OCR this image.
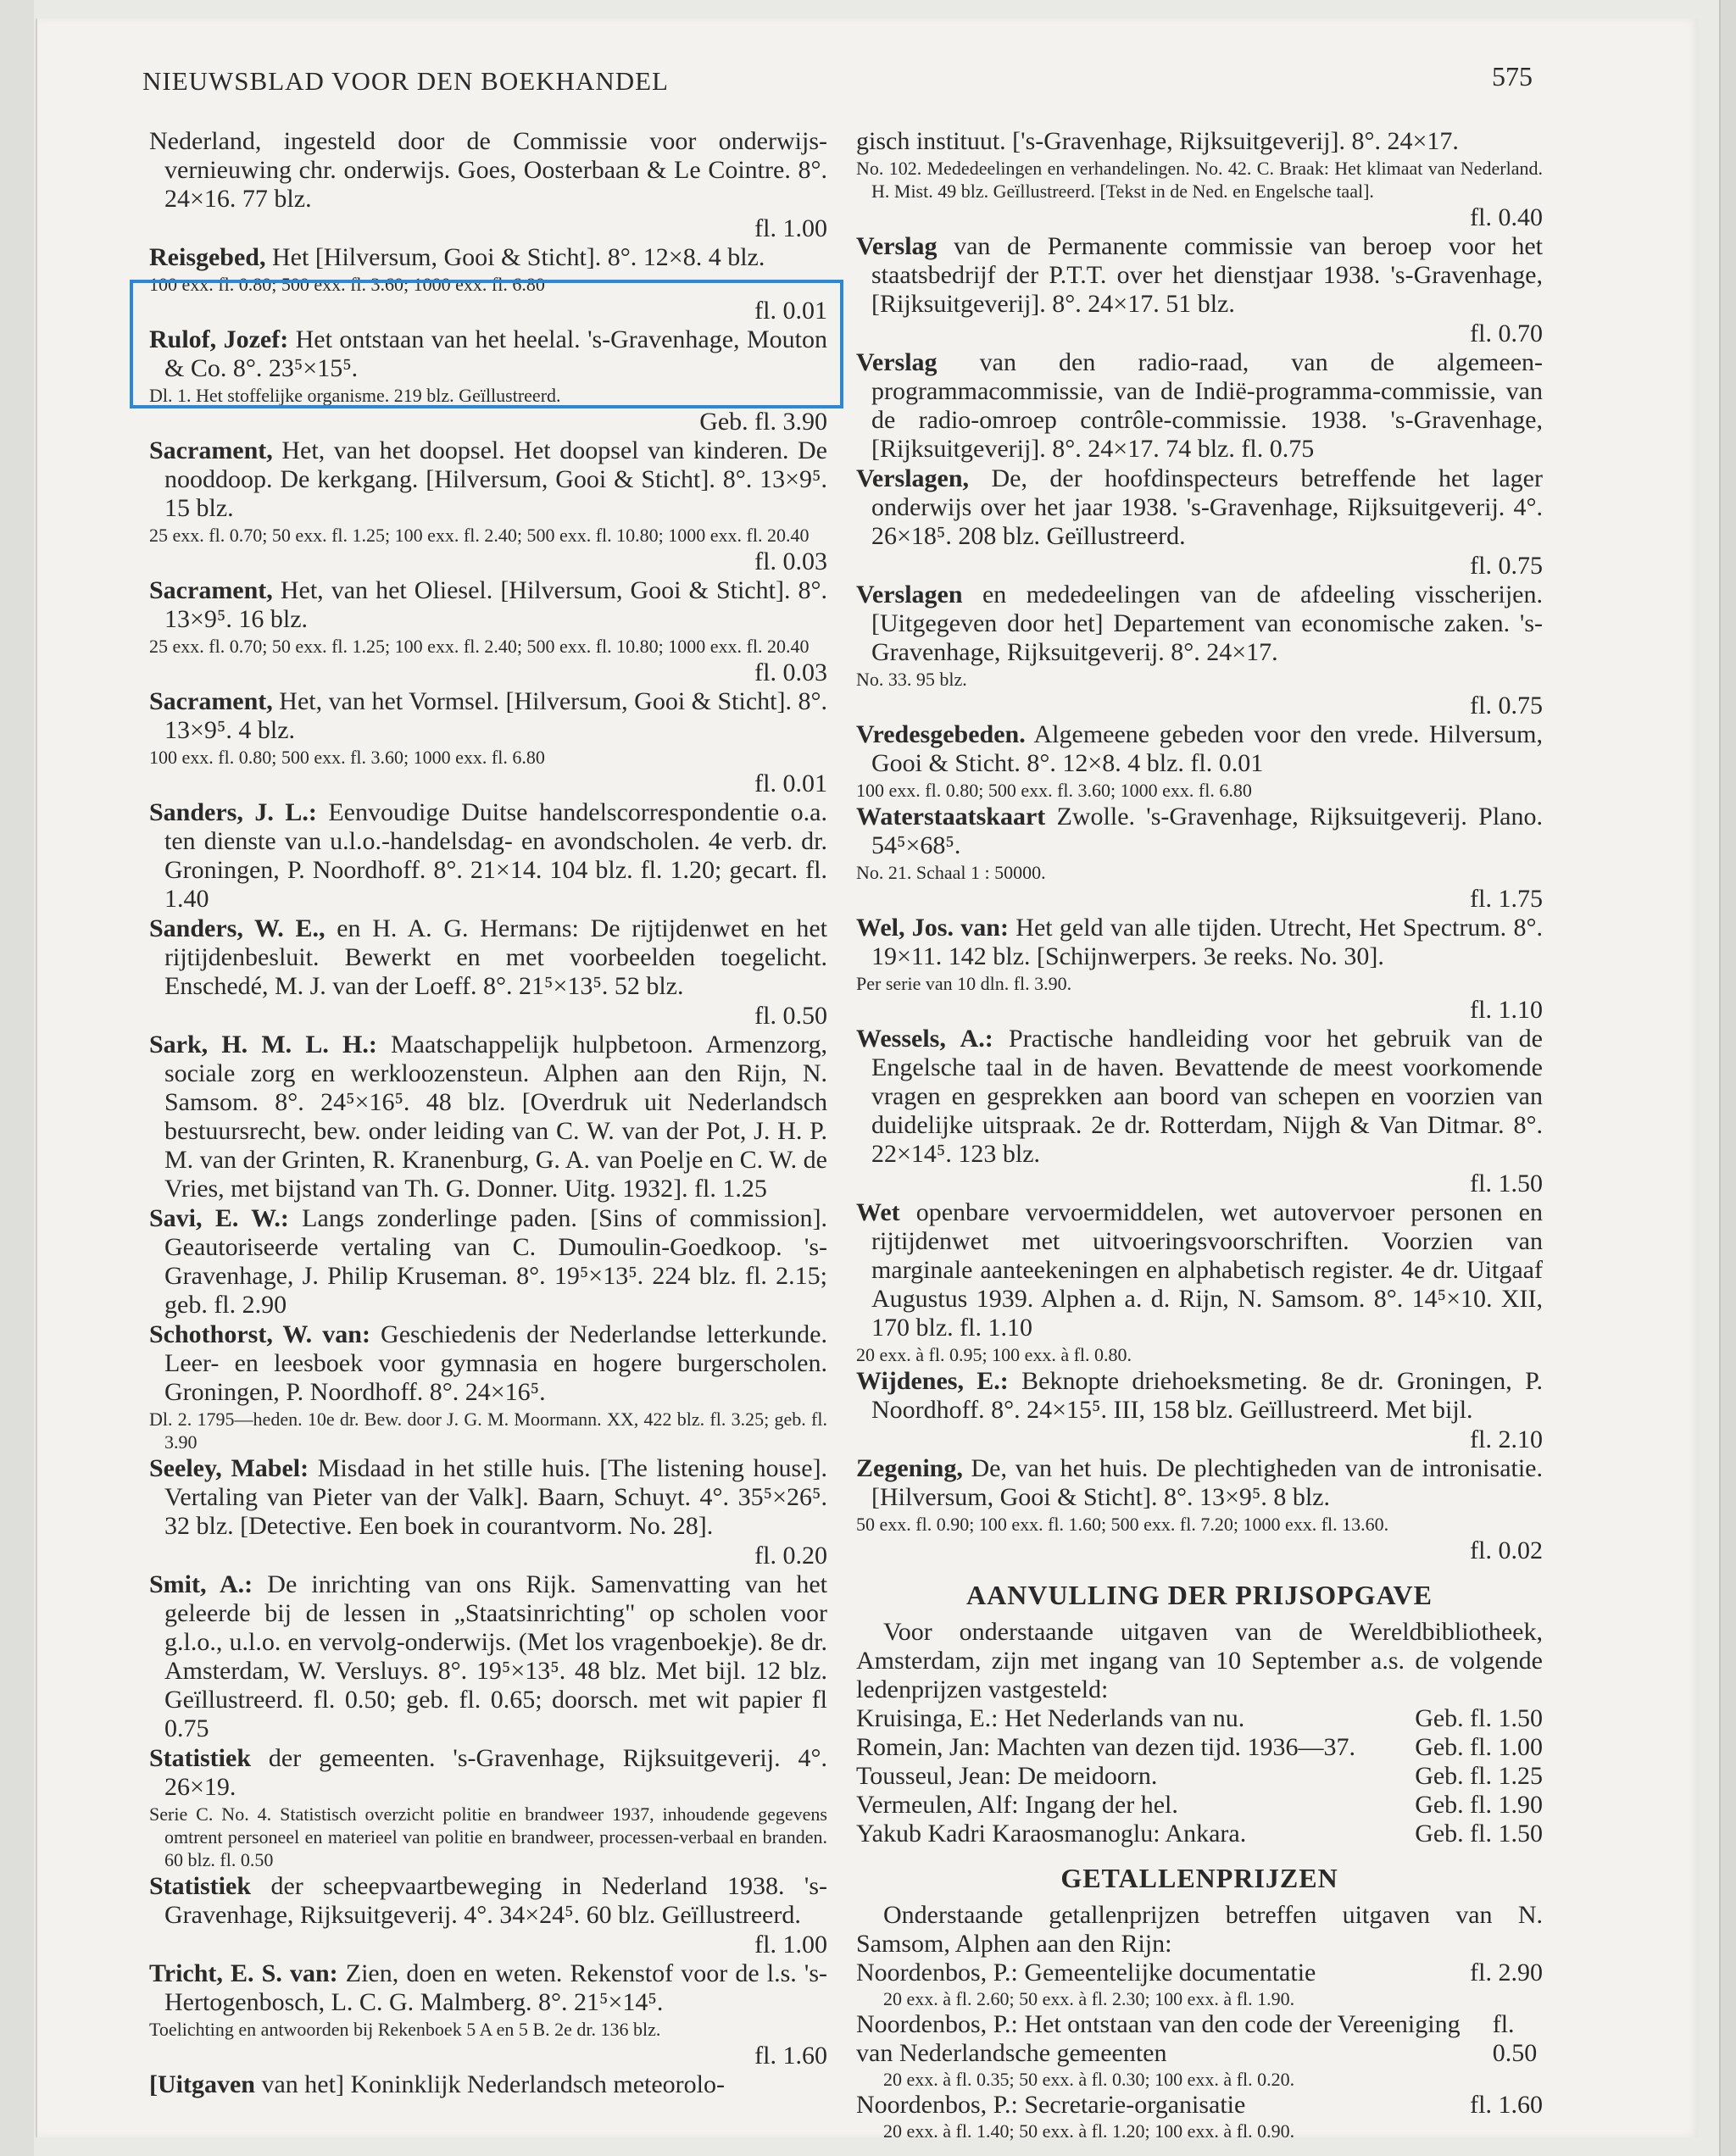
NIEUWSBLAD VOOR DEN BOEKHANDEL	575

Nederland, ingesteld door de Commissie voor onderwijs-vernieuwing chr. onderwijs. Goes, Oosterbaan & Le Cointre. 8°. 24×16. 77 blz.

fl. 1.00

Reisgebed, Het [Hilversum, Gooi & Sticht]. 8°. 12×8. 4 blz.

100 exx. fl. 0.80; 500 exx. fl. 3.60; 1000 exx. fl. 6.80
fl. 0.01

Rulof, Jozef: Het ontstaan van het heelal. 's-Gravenhage, Mouton & Co. 8°. 23⁵×15⁵.

Dl. 1. Het stoffelijke organisme. 219 blz. Geïllustreerd.
Geb. fl. 3.90

Sacrament, Het, van het doopsel. Het doopsel van kinderen. De nooddoop. De kerkgang. [Hilversum, Gooi & Sticht]. 8°. 13×9⁵. 15 blz.

25 exx. fl. 0.70; 50 exx. fl. 1.25; 100 exx. fl. 2.40; 500 exx. fl. 10.80; 1000 exx. fl. 20.40
fl. 0.03

Sacrament, Het, van het Oliesel. [Hilversum, Gooi & Sticht]. 8°. 13×9⁵. 16 blz.

25 exx. fl. 0.70; 50 exx. fl. 1.25; 100 exx. fl. 2.40; 500 exx. fl. 10.80; 1000 exx. fl. 20.40
fl. 0.03

Sacrament, Het, van het Vormsel. [Hilversum, Gooi & Sticht]. 8°. 13×9⁵. 4 blz.

100 exx. fl. 0.80; 500 exx. fl. 3.60; 1000 exx. fl. 6.80
fl. 0.01

Sanders, J. L.: Eenvoudige Duitse handelscorrespondentie o.a. ten dienste van u.l.o.-handelsdag- en avondscholen. 4e verb. dr. Groningen, P. Noordhoff. 8°. 21×14. 104 blz. fl. 1.20; gecart. fl. 1.40

Sanders, W. E., en H. A. G. Hermans: De rijtijdenwet en het rijtijdenbesluit. Bewerkt en met voorbeelden toegelicht. Enschedé, M. J. van der Loeff. 8°. 21⁵×13⁵. 52 blz.

fl. 0.50

Sark, H. M. L. H.: Maatschappelijk hulpbetoon. Armenzorg, sociale zorg en werkloozensteun. Alphen aan den Rijn, N. Samsom. 8°. 24⁵×16⁵. 48 blz. [Overdruk uit Nederlandsch bestuursrecht, bew. onder leiding van C. W. van der Pot, J. H. P. M. van der Grinten, R. Kranenburg, G. A. van Poelje en C. W. de Vries, met bijstand van Th. G. Donner. Uitg. 1932]. fl. 1.25

Savi, E. W.: Langs zonderlinge paden. [Sins of commission]. Geautoriseerde vertaling van C. Dumoulin-Goedkoop. 's-Gravenhage, J. Philip Kruseman. 8°. 19⁵×13⁵. 224 blz. fl. 2.15; geb. fl. 2.90

Schothorst, W. van: Geschiedenis der Nederlandse letterkunde. Leer- en leesboek voor gymnasia en hogere burgerscholen. Groningen, P. Noordhoff. 8°. 24×16⁵.

Dl. 2. 1795—heden. 10e dr. Bew. door J. G. M. Moormann. XX, 422 blz. fl. 3.25; geb. fl. 3.90

Seeley, Mabel: Misdaad in het stille huis. [The listening house]. Vertaling van Pieter van der Valk]. Baarn, Schuyt. 4°. 35⁵×26⁵. 32 blz. [Detective. Een boek in courantvorm. No. 28].

fl. 0.20

Smit, A.: De inrichting van ons Rijk. Samenvatting van het geleerde bij de lessen in „Staatsinrichting" op scholen voor g.l.o., u.l.o. en vervolg-onderwijs. (Met los vragenboekje). 8e dr. Amsterdam, W. Versluys. 8°. 19⁵×13⁵. 48 blz. Met bijl. 12 blz. Geïllustreerd. fl. 0.50; geb. fl. 0.65; doorsch. met wit papier fl 0.75

Statistiek der gemeenten. 's-Gravenhage, Rijksuitgeverij. 4°. 26×19.

Serie C. No. 4. Statistisch overzicht politie en brandweer 1937, inhoudende gegevens omtrent personeel en materieel van politie en brandweer, processen-verbaal en branden. 60 blz. fl. 0.50

Statistiek der scheepvaartbeweging in Nederland 1938. 's-Gravenhage, Rijksuitgeverij. 4°. 34×24⁵. 60 blz. Geïllustreerd.

fl. 1.00

Tricht, E. S. van: Zien, doen en weten. Rekenstof voor de l.s. 's-Hertogenbosch, L. C. G. Malmberg. 8°. 21⁵×14⁵.

Toelichting en antwoorden bij Rekenboek 5 A en 5 B. 2e dr. 136 blz.
fl. 1.60

[Uitgaven van het] Koninklijk Nederlandsch meteorolo-

gisch instituut. ['s-Gravenhage, Rijksuitgeverij]. 8°. 24×17.

No. 102. Mededeelingen en verhandelingen. No. 42. C. Braak: Het klimaat van Nederland. H. Mist. 49 blz. Geïllustreerd. [Tekst in de Ned. en Engelsche taal].
fl. 0.40

Verslag van de Permanente commissie van beroep voor het staatsbedrijf der P.T.T. over het dienstjaar 1938. 's-Gravenhage, [Rijksuitgeverij]. 8°. 24×17. 51 blz.

fl. 0.70

Verslag van den radio-raad, van de algemeen-programmacommissie, van de Indië-programma-commissie, van de radio-omroep contrôle-commissie. 1938. 's-Gravenhage, [Rijksuitgeverij]. 8°. 24×17. 74 blz. fl. 0.75

Verslagen, De, der hoofdinspecteurs betreffende het lager onderwijs over het jaar 1938. 's-Gravenhage, Rijksuitgeverij. 4°. 26×18⁵. 208 blz. Geïllustreerd.

fl. 0.75

Verslagen en mededeelingen van de afdeeling visscherijen. [Uitgegeven door het] Departement van economische zaken. 's-Gravenhage, Rijksuitgeverij. 8°. 24×17.

No. 33. 95 blz.
fl. 0.75

Vredesgebeden. Algemeene gebeden voor den vrede. Hilversum, Gooi & Sticht. 8°. 12×8. 4 blz. fl. 0.01

100 exx. fl. 0.80; 500 exx. fl. 3.60; 1000 exx. fl. 6.80

Waterstaatskaart Zwolle. 's-Gravenhage, Rijksuitgeverij. Plano. 54⁵×68⁵.

No. 21. Schaal 1 : 50000.
fl. 1.75

Wel, Jos. van: Het geld van alle tijden. Utrecht, Het Spectrum. 8°. 19×11. 142 blz. [Schijnwerpers. 3e reeks. No. 30].

Per serie van 10 dln. fl. 3.90.
fl. 1.10

Wessels, A.: Practische handleiding voor het gebruik van de Engelsche taal in de haven. Bevattende de meest voorkomende vragen en gesprekken aan boord van schepen en voorzien van duidelijke uitspraak. 2e dr. Rotterdam, Nijgh & Van Ditmar. 8°. 22×14⁵. 123 blz.

fl. 1.50

Wet openbare vervoermiddelen, wet autovervoer personen en rijtijdenwet met uitvoeringsvoorschriften. Voorzien van marginale aanteekeningen en alphabetisch register. 4e dr. Uitgaaf Augustus 1939. Alphen a. d. Rijn, N. Samsom. 8°. 14⁵×10. XII, 170 blz. fl. 1.10

20 exx. à fl. 0.95; 100 exx. à fl. 0.80.

Wijdenes, E.: Beknopte driehoeksmeting. 8e dr. Groningen, P. Noordhoff. 8°. 24×15⁵. III, 158 blz. Geïllustreerd. Met bijl.

fl. 2.10

Zegening, De, van het huis. De plechtigheden van de intronisatie. [Hilversum, Gooi & Sticht]. 8°. 13×9⁵. 8 blz.

50 exx. fl. 0.90; 100 exx. fl. 1.60; 500 exx. fl. 7.20; 1000 exx. fl. 13.60.
fl. 0.02
AANVULLING DER PRIJSOPGAVE

Voor onderstaande uitgaven van de Wereldbibliotheek, Amsterdam, zijn met ingang van 10 September a.s. de volgende ledenprijzen vastgesteld:

Kruisinga, E.: Het Nederlands van nu.	Geb. fl. 1.50
Romein, Jan: Machten van dezen tijd. 1936—37. Geb. fl. 1.00
Tousseul, Jean: De meidoorn.	Geb. fl. 1.25
Vermeulen, Alf: Ingang der hel.	Geb. fl. 1.90
Yakub Kadri Karaosmanoglu: Ankara.	Geb. fl. 1.50
GETALLENPRIJZEN

Onderstaande getallenprijzen betreffen uitgaven van N. Samsom, Alphen aan den Rijn:

Noordenbos, P.: Gemeentelijke documentatie	fl. 2.90
20 exx. à fl. 2.60; 50 exx. à fl. 2.30; 100 exx. à fl. 1.90.
Noordenbos, P.: Het ontstaan van den code der Vereeniging van Nederlandsche gemeenten
fl. 0.50
20 exx. à fl. 0.35; 50 exx. à fl. 0.30; 100 exx. à fl. 0.20.
Noordenbos, P.: Secretarie-organisatie	fl. 1.60
20 exx. à fl. 1.40; 50 exx. à fl. 1.20; 100 exx. à fl. 0.90.
